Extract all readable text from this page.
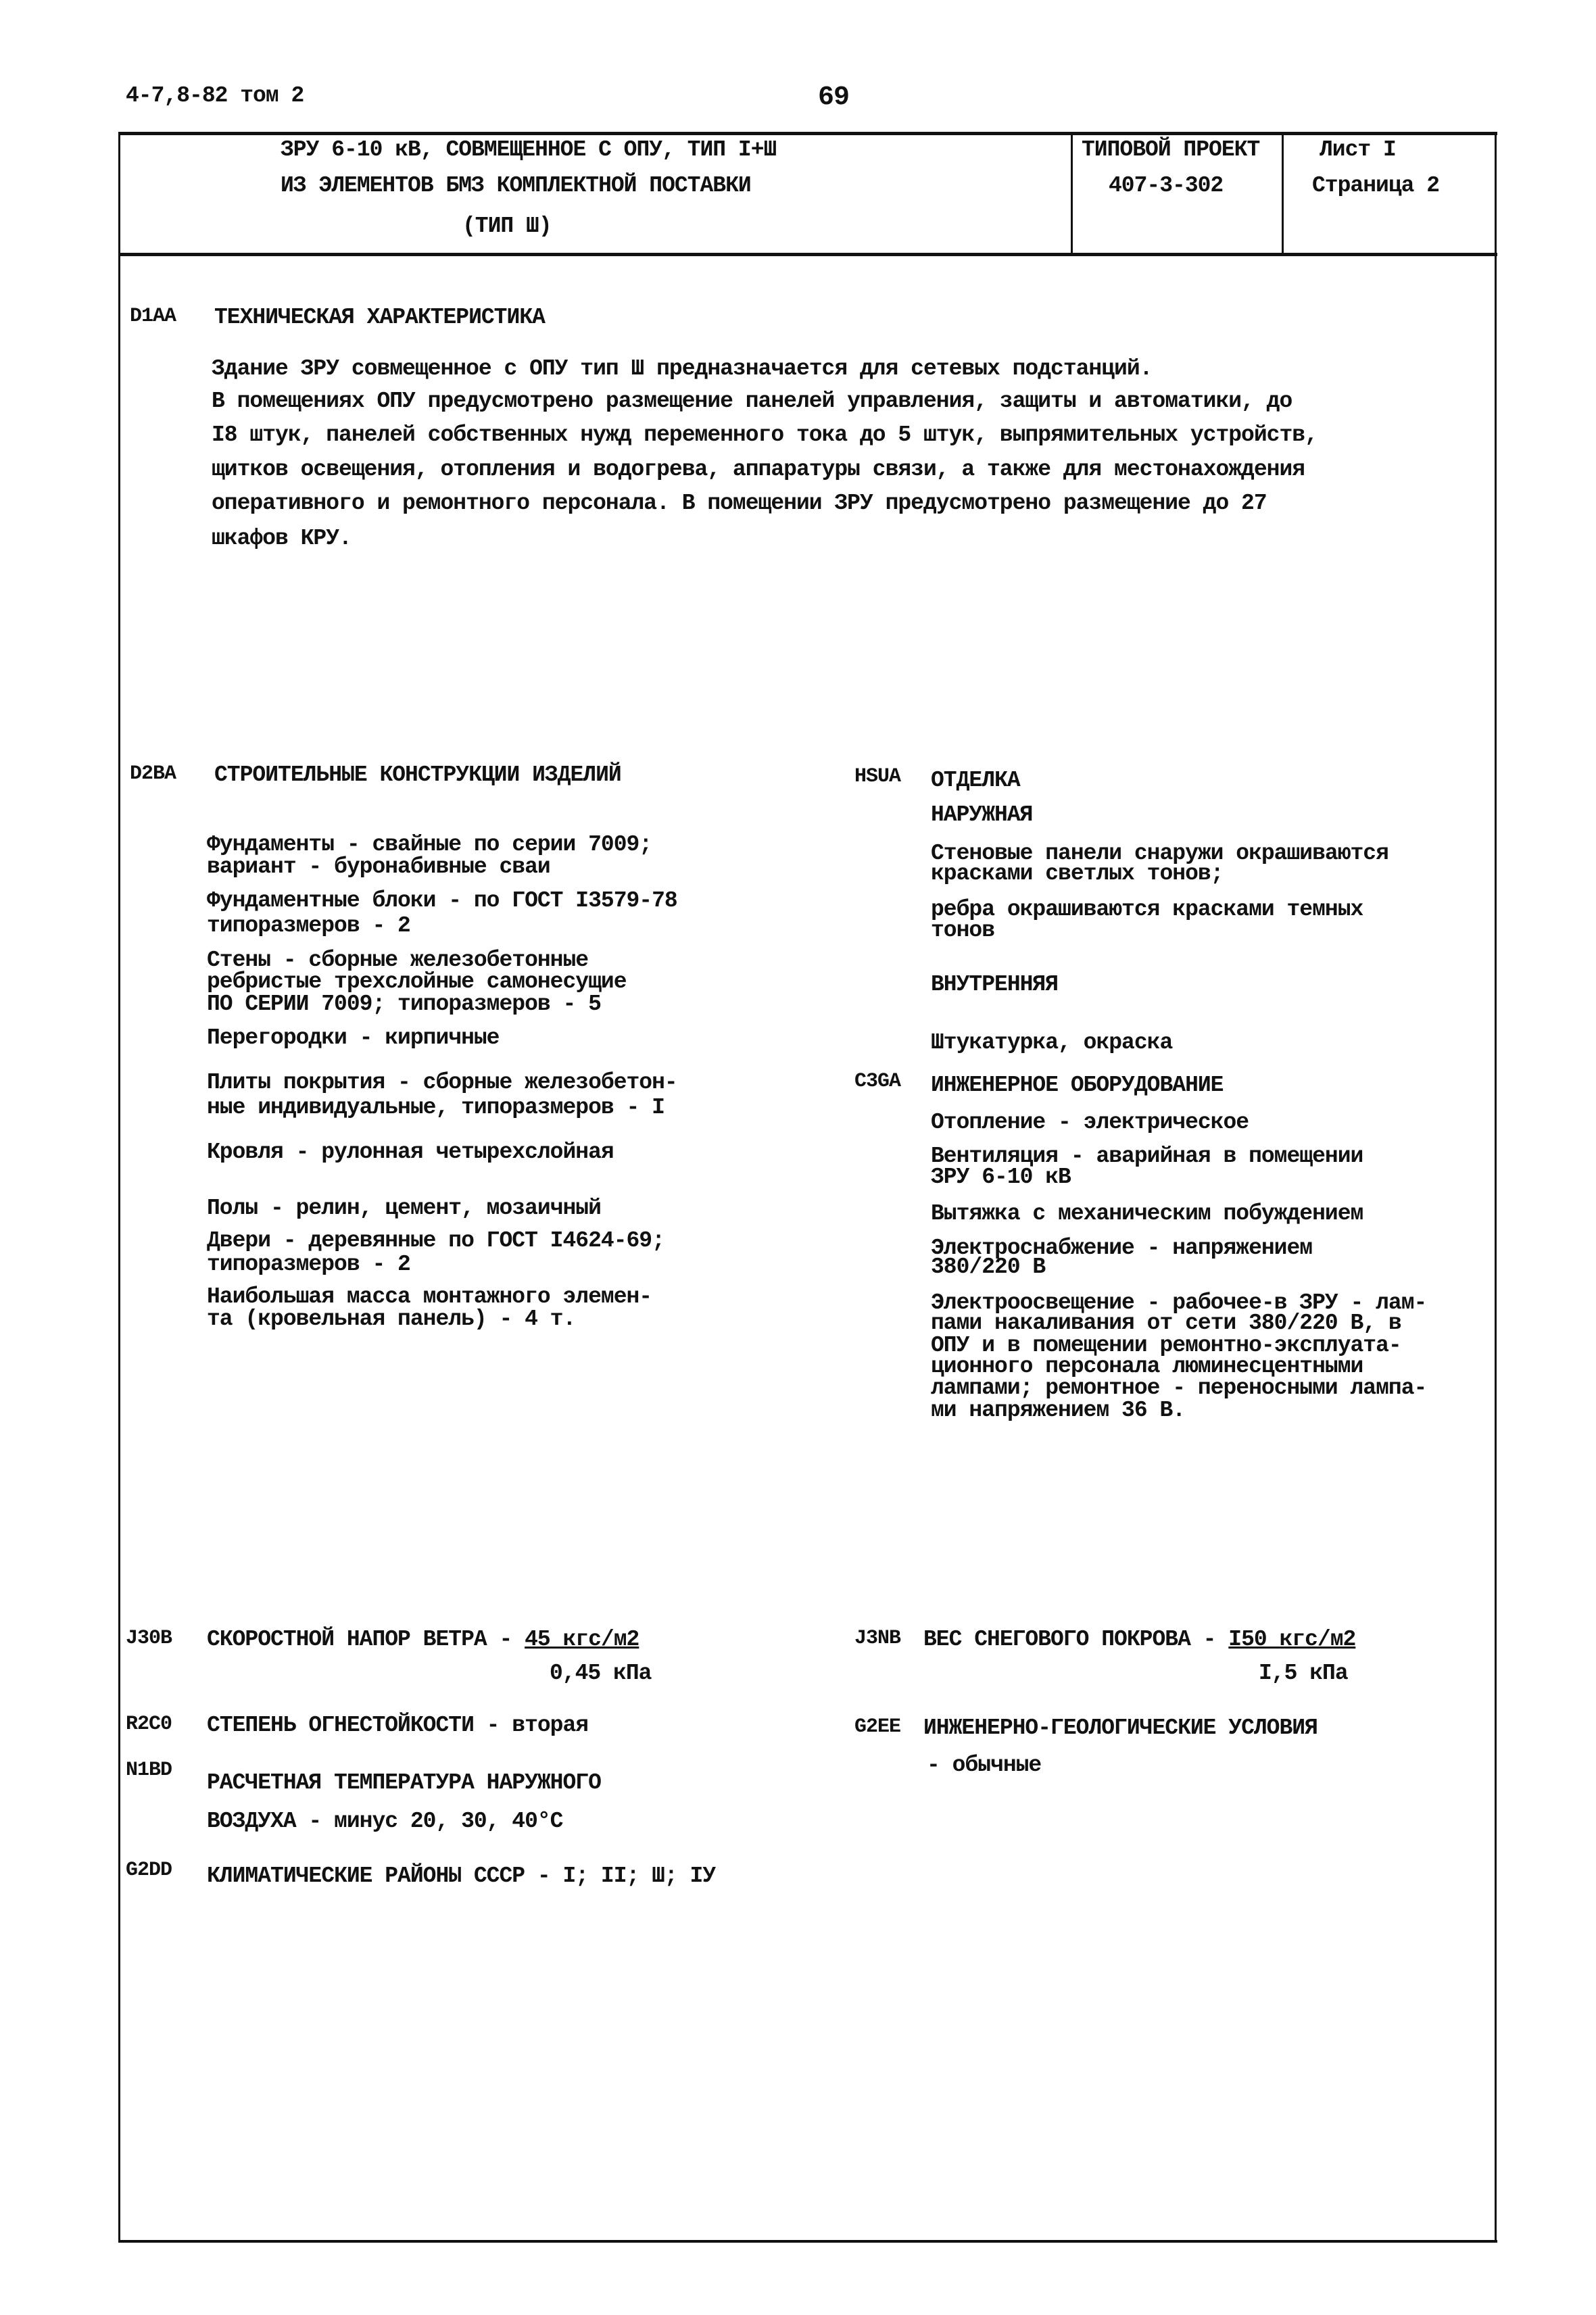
4-7,8-82 том 2	69
ЗРУ 6-10 кВ, СОВМЕЩЕННОЕ С ОПУ, ТИП I+Ш
ИЗ ЭЛЕМЕНТОВ БМЗ КОМПЛЕКТНОЙ ПОСТАВКИ
(ТИП Ш)
ТИПОВОЙ ПРОЕКТ
407-3-302
Лист I
Страница 2
J30B СКОРОСТНОЙ НАПОР ВЕТРА - 45 кгс/м2
0,45 кПа
J3NB ВЕС СНЕГОВОГО ПОКРОВА - I50 кгс/м2
I,5 кПа
D1AA ТЕХНИЧЕСКАЯ ХАРАКТЕРИСТИКА
Здание ЗРУ совмещенное с ОПУ тип Ш предназначается для сетевых подстанций.
В помещениях ОПУ предусмотрено размещение панелей управления, защиты и автоматики, до
I8 штук, панелей собственных нужд переменного тока до 5 штук, выпрямительных устройств,
щитков освещения, отопления и водогрева, аппаратуры связи, а также для местонахождения
оперативного и ремонтного персонала. В помещении ЗРУ предусмотрено размещение до 27
шкафов КРУ.
D2BA СТРОИТЕЛЬНЫЕ КОНСТРУКЦИИ ИЗДЕЛИЙ
Фундаменты - свайные по серии 7009;
вариант - буронабивные сваи
Фундаментные блоки - по ГОСТ I3579-78
типоразмеров - 2
Стены - сборные железобетонные
ребристые трехслойные самонесущие
ПО СЕРИИ 7009; типоразмеров - 5
Перегородки - кирпичные
Плиты покрытия - сборные железобетон-
ные индивидуальные, типоразмеров - I
Кровля - рулонная четырехслойная
Полы - релин, цемент, мозаичный
Двери - деревянные по ГОСТ I4624-69;
типоразмеров - 2
Наибольшая масса монтажного элемен-
та (кровельная панель) - 4 т.
HSUA ОТДЕЛКА
НАРУЖНАЯ
Стеновые панели снаружи окрашиваются
красками светлых тонов;
ребра окрашиваются красками темных
тонов
ВНУТРЕННЯЯ
Штукатурка, окраска
C3GA ИНЖЕНЕРНОЕ ОБОРУДОВАНИЕ
Отопление - электрическое
Вентиляция - аварийная в помещении
ЗРУ 6-10 кВ
Вытяжка с механическим побуждением
Электроснабжение - напряжением
380/220 В
Электроосвещение - рабочее-в ЗРУ - лам-
пами накаливания от сети 380/220 В, в
ОПУ и в помещении ремонтно-эксплуата-
ционного персонала люминесцентными
лампами; ремонтное - переносными лампа-
ми напряжением 36 В.
R2C0 СТЕПЕНЬ ОГНЕСТОЙКОСТИ - вторая
N1BD РАСЧЕТНАЯ ТЕМПЕРАТУРА НАРУЖНОГО
ВОЗДУХА - минус 20, 30, 40°С
G2DD КЛИМАТИЧЕСКИЕ РАЙОНЫ СССР - I; II; Ш; IУ
G2EE ИНЖЕНЕРНО-ГЕОЛОГИЧЕСКИЕ УСЛОВИЯ
- обычные
